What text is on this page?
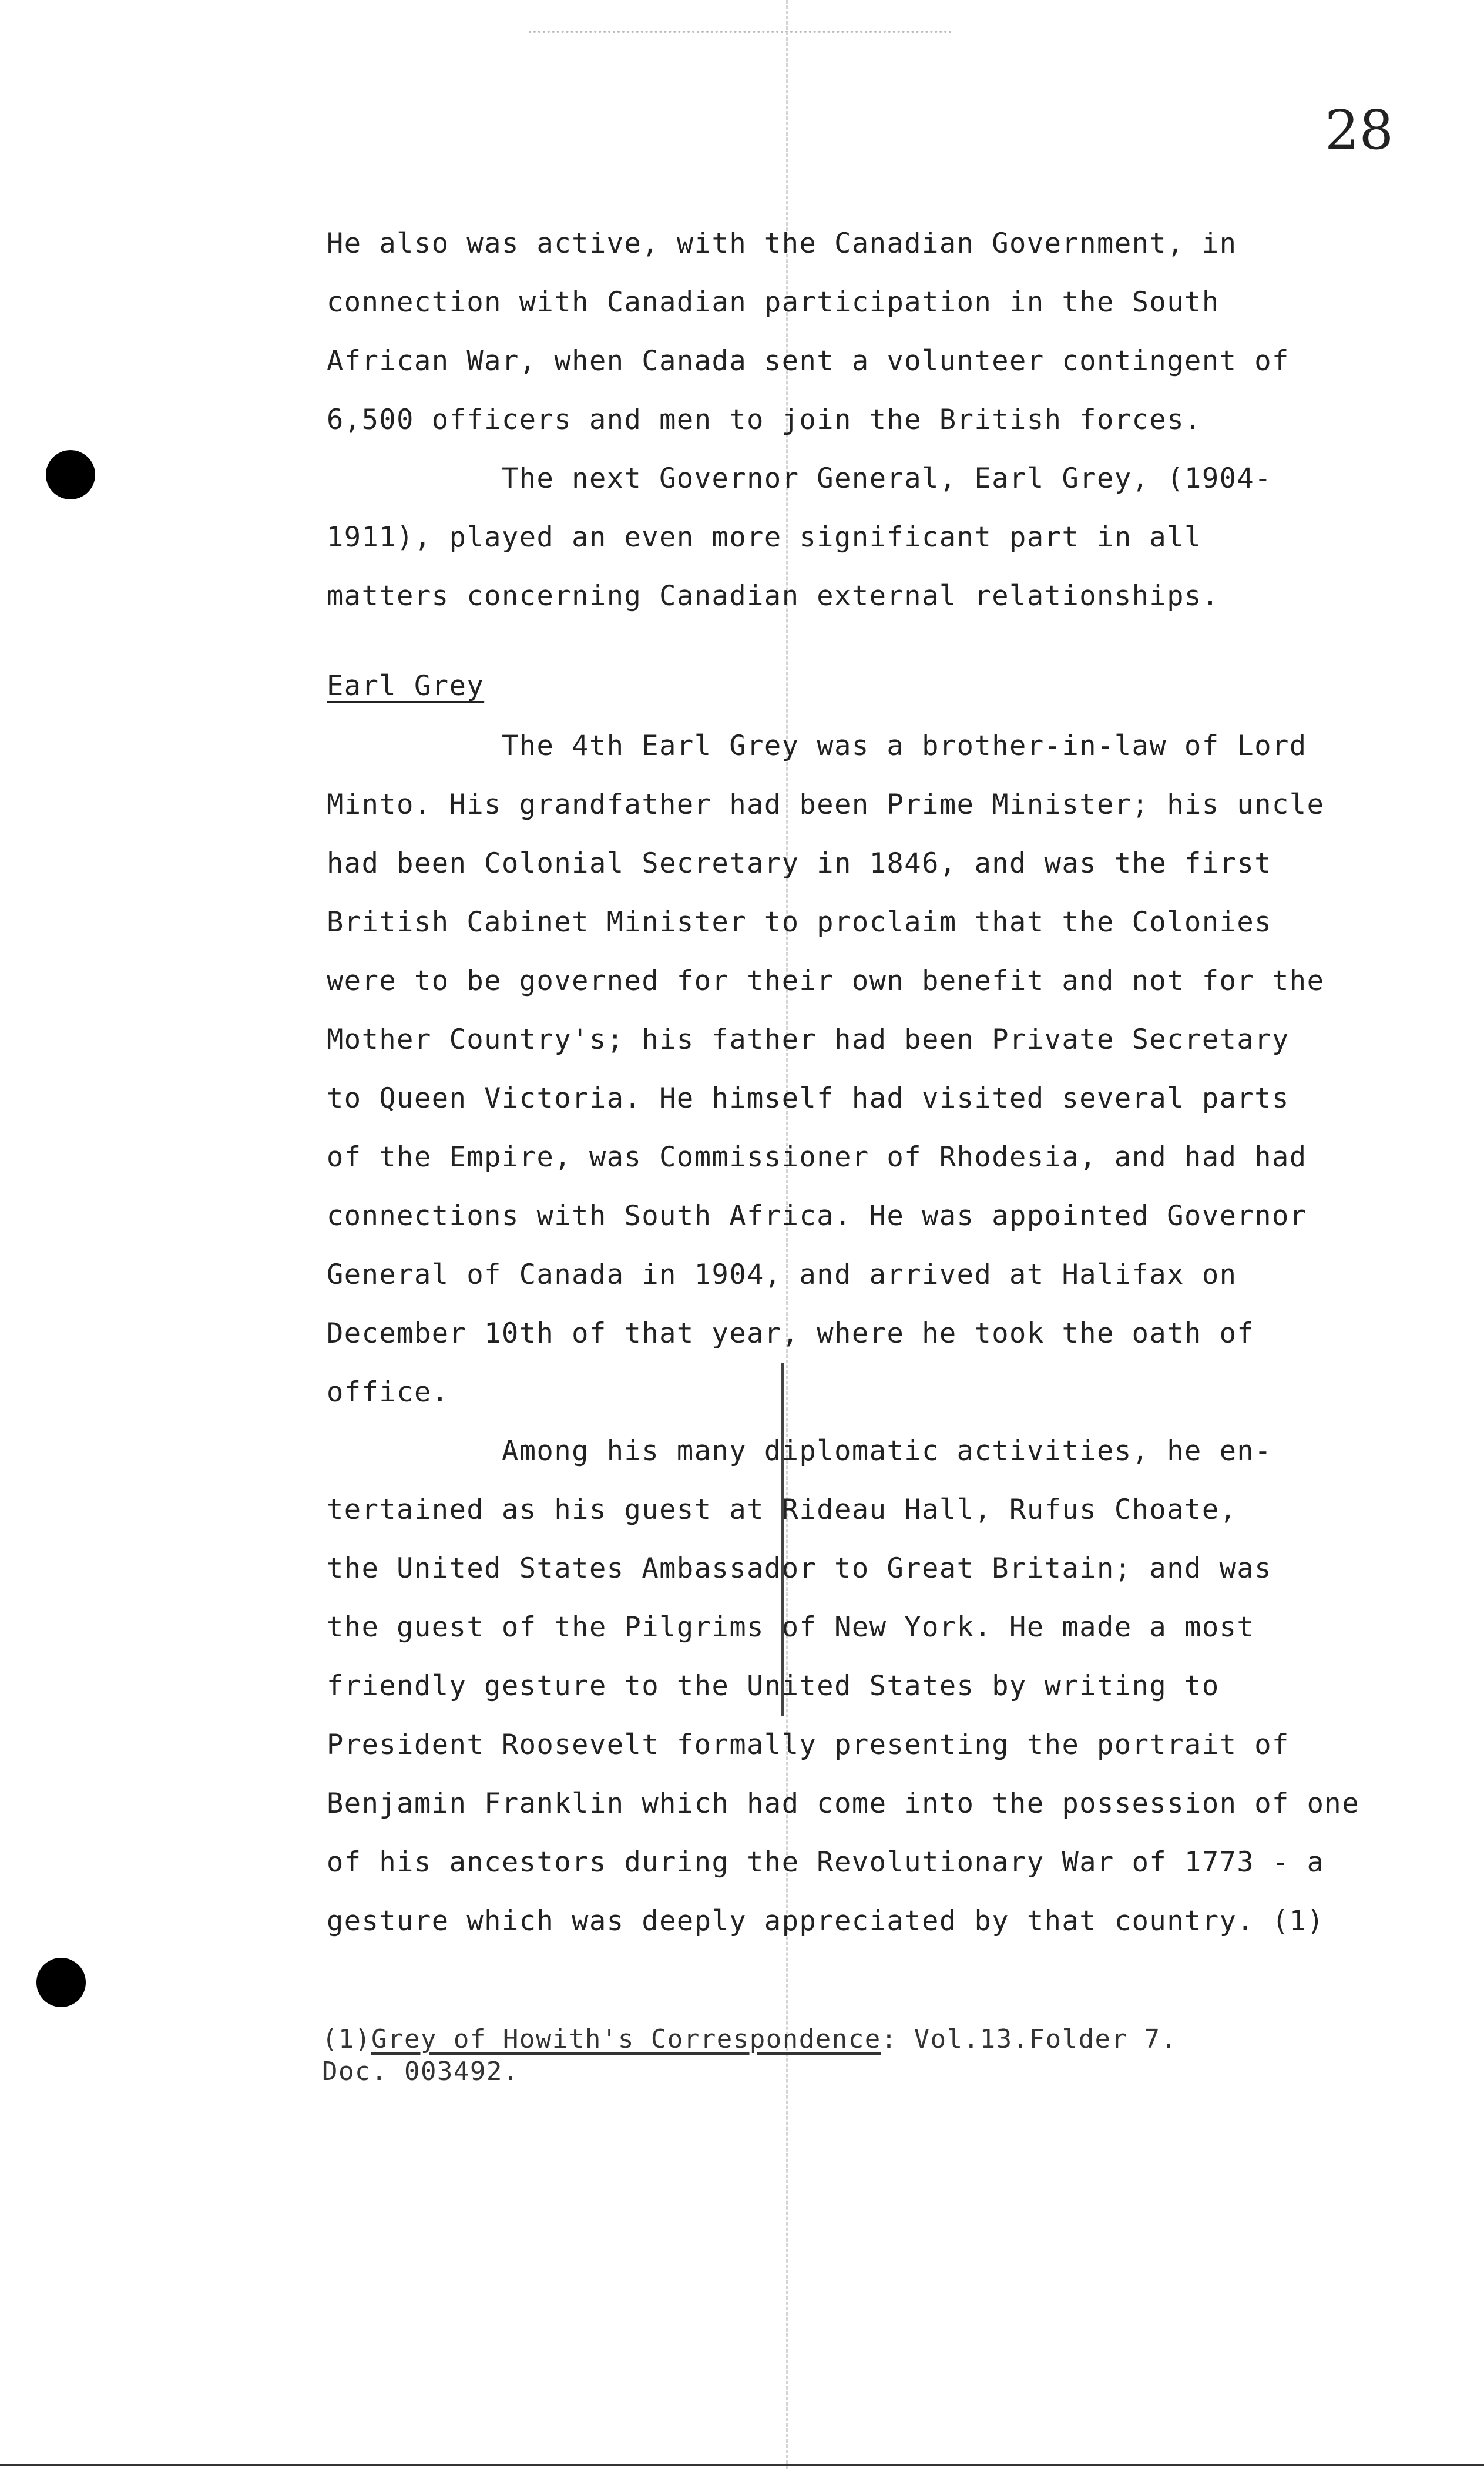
28
He also was active, with the Canadian Government, in
connection with Canadian participation in the South
African War, when Canada sent a volunteer contingent of
6,500 officers and men to join the British forces.
The next Governor General, Earl Grey, (1904-
1911), played an even more significant part in all
matters concerning Canadian external relationships.
Earl Grey
The 4th Earl Grey was a brother-in-law of Lord
Minto. His grandfather had been Prime Minister; his uncle
had been Colonial Secretary in 1846, and was the first
British Cabinet Minister to proclaim that the Colonies
were to be governed for their own benefit and not for the
Mother Country's; his father had been Private Secretary
to Queen Victoria. He himself had visited several parts
of the Empire, was Commissioner of Rhodesia, and had had
connections with South Africa. He was appointed Governor
General of Canada in 1904, and arrived at Halifax on
December 10th of that year, where he took the oath of
office.
Among his many diplomatic activities, he en-
tertained as his guest at Rideau Hall, Rufus Choate,
the United States Ambassador to Great Britain; and was
the guest of the Pilgrims of New York. He made a most
friendly gesture to the United States by writing to
President Roosevelt formally presenting the portrait of
Benjamin Franklin which had come into the possession of one
of his ancestors during the Revolutionary War of 1773 - a
gesture which was deeply appreciated by that country. (1)
(1)Grey of Howith's Correspondence: Vol.13.Folder 7.
Doc. 003492.
